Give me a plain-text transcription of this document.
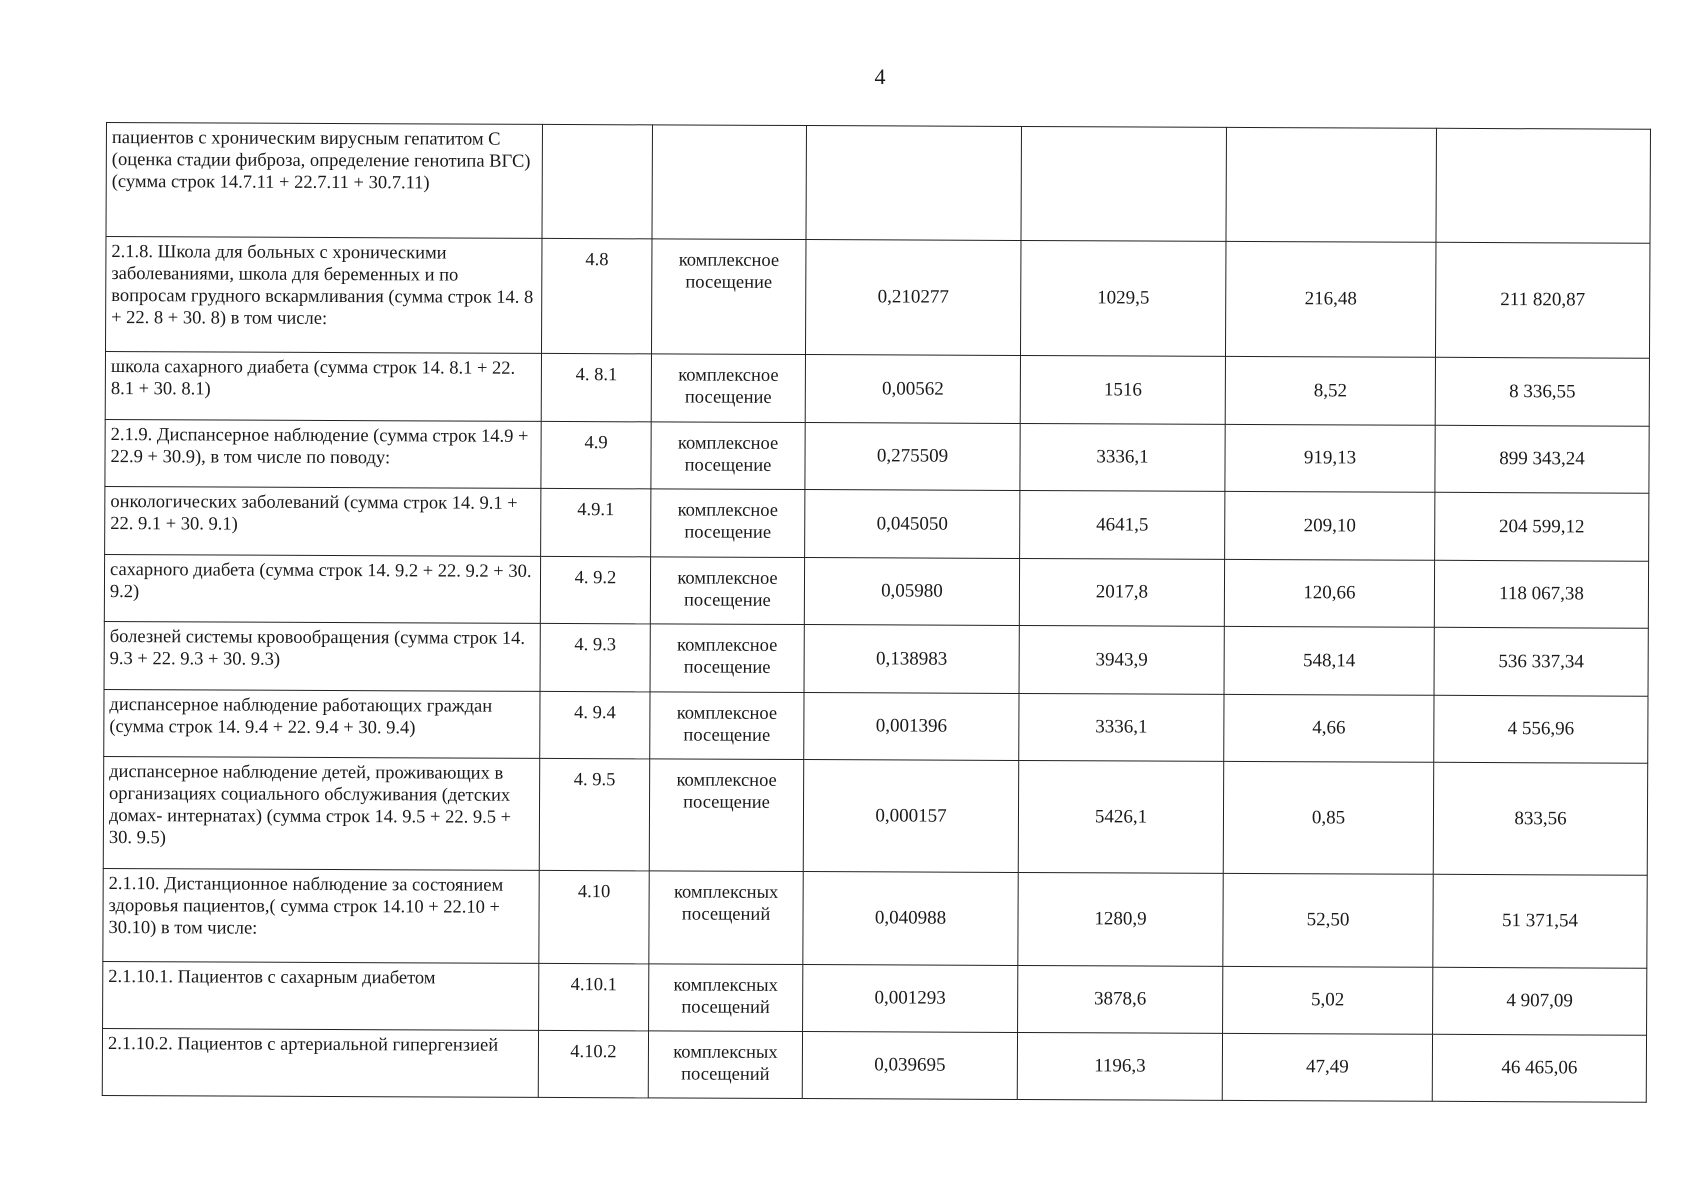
4
пациентов с хроническим вирусным гепатитом С (оценка стадии фиброза, определение генотипа ВГС) (сумма строк 14.7.11 + 22.7.11 + 30.7.11)						
2.1.8. Школа для больных с хроническими заболеваниями, школа для беременных и по вопросам грудного вскармливания (сумма строк 14. 8 + 22. 8 + 30. 8) в том числе:	4.8	комплексное посещение	0,210277	1029,5	216,48	211 820,87
школа сахарного диабета (сумма строк 14. 8.1 + 22. 8.1 + 30. 8.1)	4. 8.1	комплексное посещение	0,00562	1516	8,52	8 336,55
2.1.9. Диспансерное наблюдение (сумма строк 14.9 + 22.9 + 30.9), в том числе по поводу:	4.9	комплексное посещение	0,275509	3336,1	919,13	899 343,24
онкологических заболеваний (сумма строк 14. 9.1 + 22. 9.1 + 30. 9.1)	4.9.1	комплексное посещение	0,045050	4641,5	209,10	204 599,12
сахарного диабета (сумма строк 14. 9.2 + 22. 9.2 + 30. 9.2)	4. 9.2	комплексное посещение	0,05980	2017,8	120,66	118 067,38
болезней системы кровообращения (сумма строк 14. 9.3 + 22. 9.3 + 30. 9.3)	4. 9.3	комплексное посещение	0,138983	3943,9	548,14	536 337,34
диспансерное наблюдение работающих граждан (сумма строк 14. 9.4 + 22. 9.4 + 30. 9.4)	4. 9.4	комплексное посещение	0,001396	3336,1	4,66	4 556,96
диспансерное наблюдение детей, проживающих в организациях социального обслуживания (детских домах- интернатах) (сумма строк 14. 9.5 + 22. 9.5 + 30. 9.5)	4. 9.5	комплексное посещение	0,000157	5426,1	0,85	833,56
2.1.10. Дистанционное наблюдение за состоянием здоровья пациентов,( сумма строк 14.10 + 22.10 + 30.10) в том числе:	4.10	комплексных посещений	0,040988	1280,9	52,50	51 371,54
2.1.10.1. Пациентов с сахарным диабетом	4.10.1	комплексных посещений	0,001293	3878,6	5,02	4 907,09
2.1.10.2. Пациентов с артериальной гипергензией	4.10.2	комплексных посещений	0,039695	1196,3	47,49	46 465,06
